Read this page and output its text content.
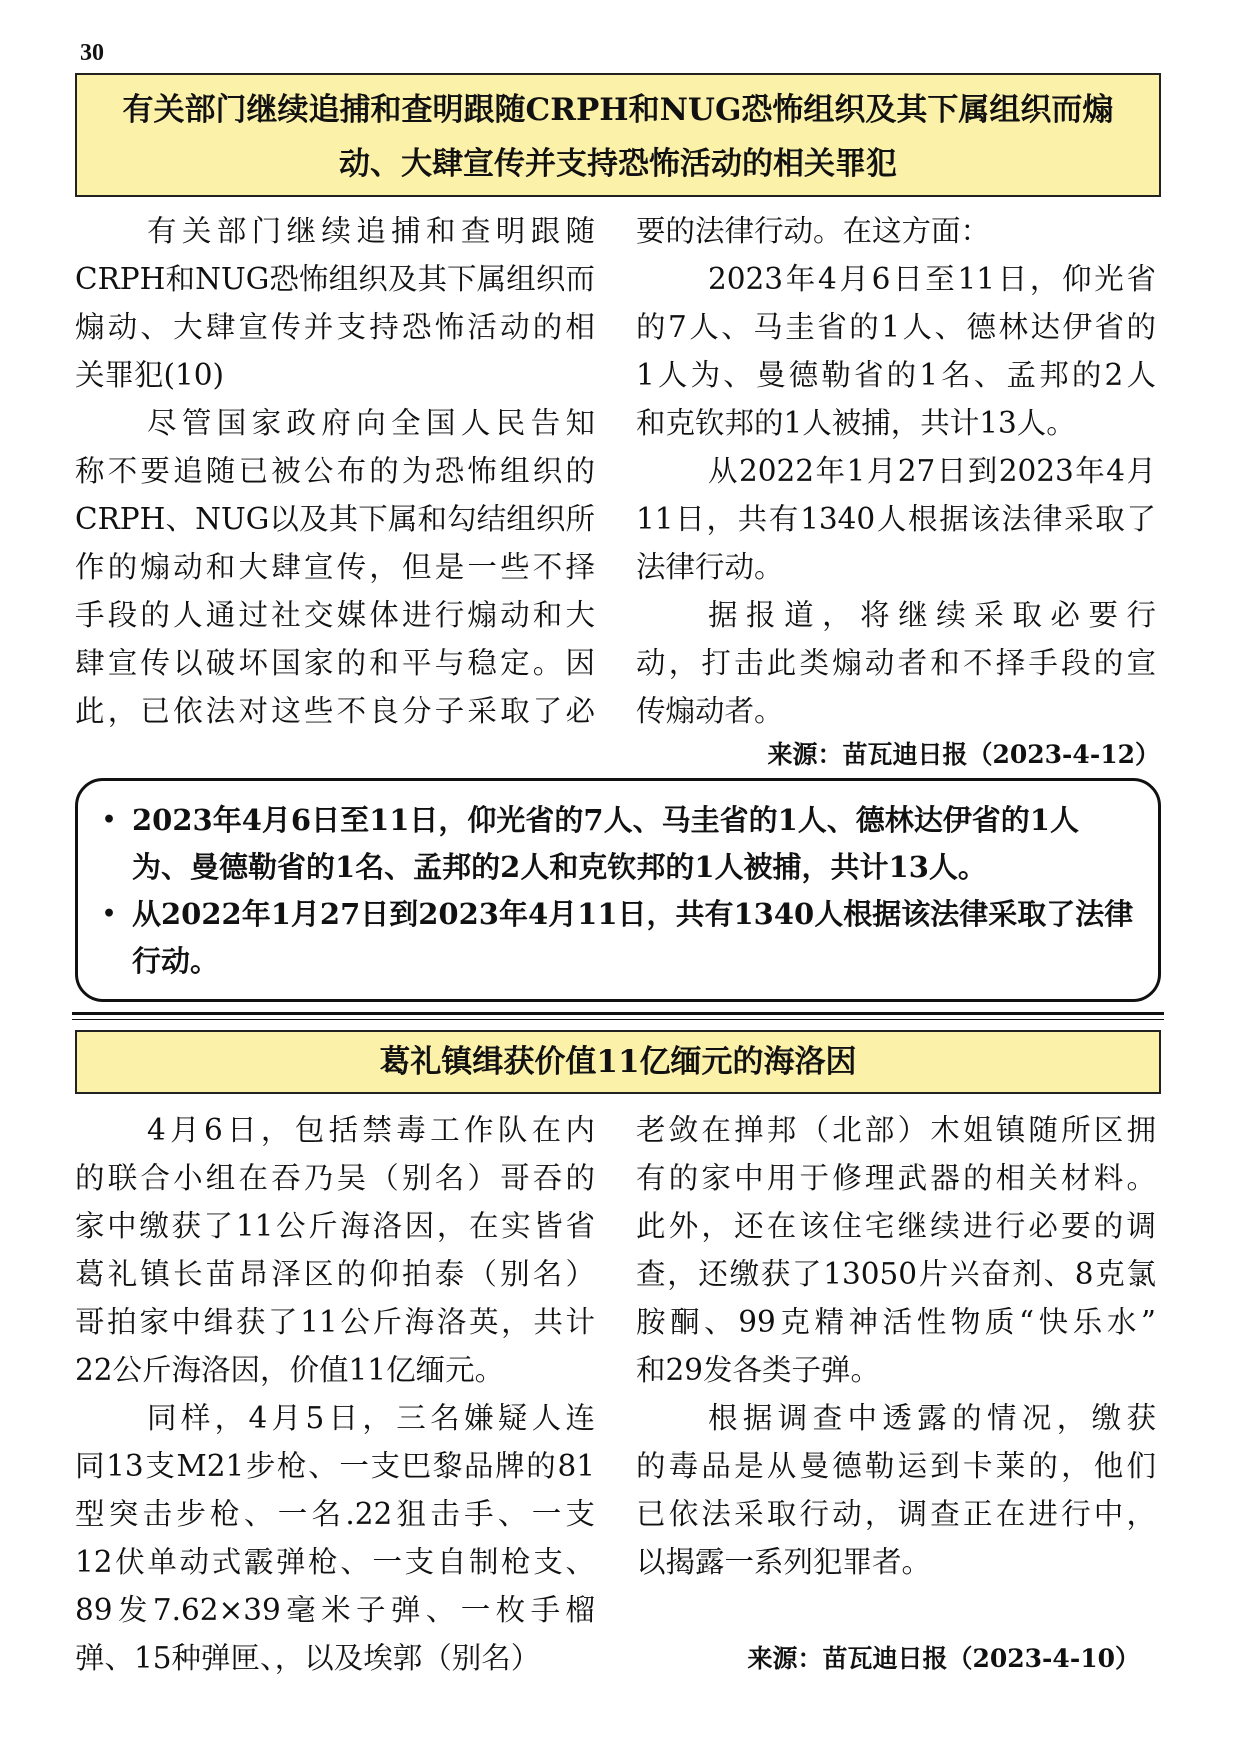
30
有关部门继续追捕和查明跟随CRPH和NUG恐怖组织及其下属组织而煽
动、大肆宣传并支持恐怖活动的相关罪犯
有关部门继续追捕和查明跟随
CRPH和NUG恐怖组织及其下属组织而
煽动、大肆宣传并支持恐怖活动的相
关罪犯(10)
尽管国家政府向全国人民告知
称不要追随已被公布的为恐怖组织的
CRPH、NUG以及其下属和勾结组织所
作的煽动和大肆宣传，但是一些不择
手段的人通过社交媒体进行煽动和大
肆宣传以破坏国家的和平与稳定。因
此，已依法对这些不良分子采取了必
要的法律行动。在这方面：
2023年4月6日至11日，仰光省
的7人、马圭省的1人、德林达伊省的
1人为、曼德勒省的1名、孟邦的2人
和克钦邦的1人被捕，共计13人。
从2022年1月27日到2023年4月
11日，共有1340人根据该法律采取了
法律行动。
据报道，将继续采取必要行
动，打击此类煽动者和不择手段的宣
传煽动者。
来源：苗瓦迪日报（2023-4-12）
• 2023年4月6日至11日，仰光省的7人、马圭省的1人、德林达伊省的1人
为、曼德勒省的1名、孟邦的2人和克钦邦的1人被捕，共计13人。
• 从2022年1月27日到2023年4月11日，共有1340人根据该法律采取了法律
行动。
葛礼镇缉获价值11亿缅元的海洛因
4月6日，包括禁毒工作队在内
的联合小组在吞乃吴（别名）哥吞的
家中缴获了11公斤海洛因，在实皆省
葛礼镇长苗昂泽区的仰拍泰（别名）
哥拍家中缉获了11公斤海洛英，共计
22公斤海洛因，价值11亿缅元。
同样，4月5日，三名嫌疑人连
同13支M21步枪、一支巴黎品牌的81
型突击步枪、一名.22狙击手、一支
12伏单动式霰弹枪、一支自制枪支、
89发7.62×39毫米子弹、一枚手榴
弹、15种弹匣、，以及埃郭（别名）
老敛在掸邦（北部）木姐镇随所区拥
有的家中用于修理武器的相关材料。
此外，还在该住宅继续进行必要的调
查，还缴获了13050片兴奋剂、8克氯
胺酮、99克精神活性物质“快乐水”
和29发各类子弹。
根据调查中透露的情况，缴获
的毒品是从曼德勒运到卡莱的，他们
已依法采取行动，调查正在进行中，
以揭露一系列犯罪者。
来源：苗瓦迪日报（2023-4-10）
